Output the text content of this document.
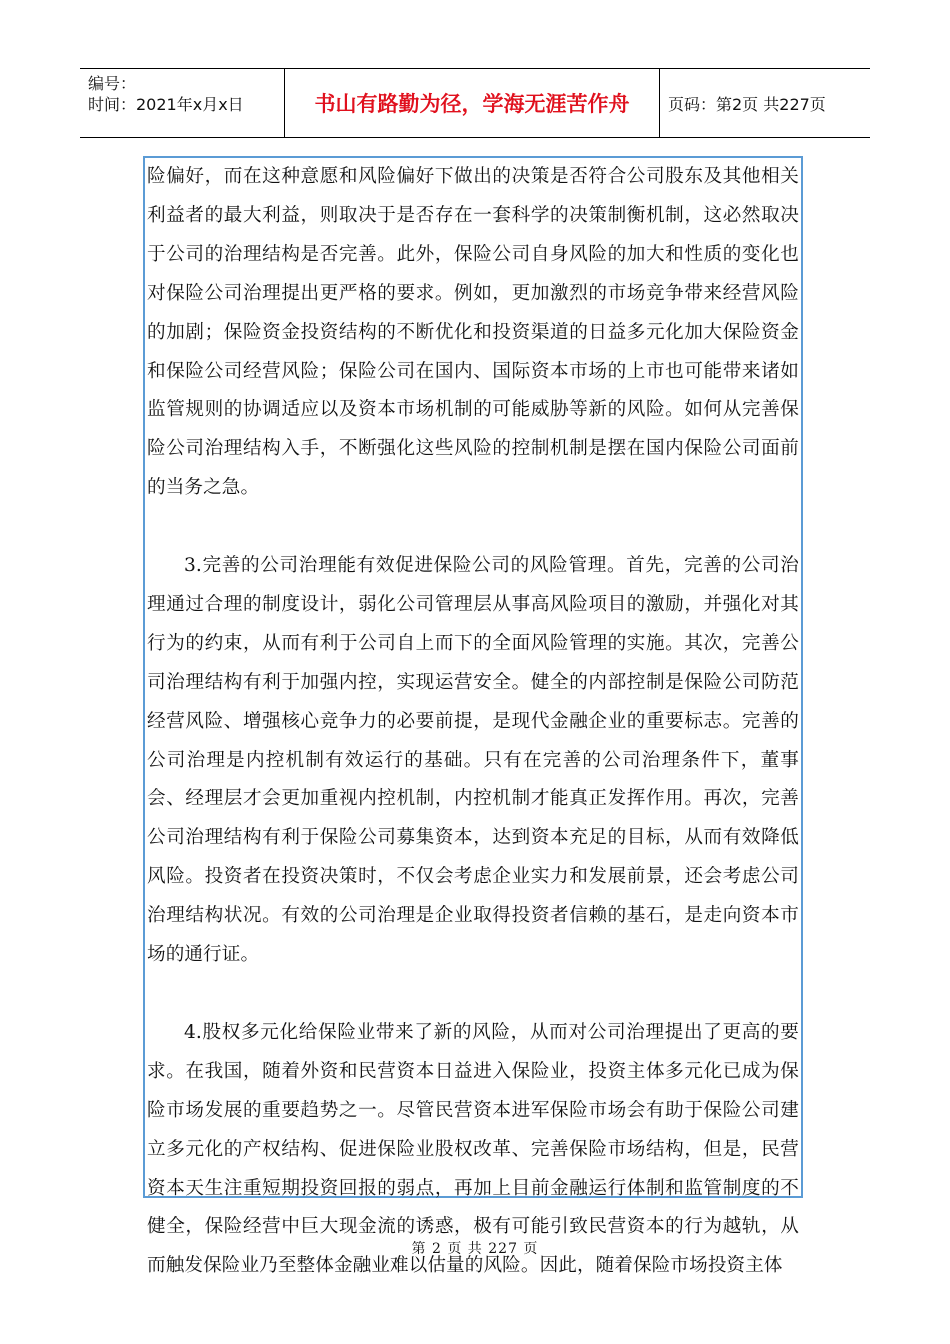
编号：
时间：2021年x月x日	书山有路勤为径，学海无涯苦作舟	页码：第2页 共227页

险偏好，而在这种意愿和风险偏好下做出的决策是否符合公司股东及其他相关利益者的最大利益，则取决于是否存在一套科学的决策制衡机制，这必然取决于公司的治理结构是否完善。此外，保险公司自身风险的加大和性质的变化也对保险公司治理提出更严格的要求。例如，更加激烈的市场竞争带来经营风险的加剧；保险资金投资结构的不断优化和投资渠道的日益多元化加大保险资金和保险公司经营风险；保险公司在国内、国际资本市场的上市也可能带来诸如监管规则的协调适应以及资本市场机制的可能威胁等新的风险。如何从完善保险公司治理结构入手，不断强化这些风险的控制机制是摆在国内保险公司面前的当务之急。

3.完善的公司治理能有效促进保险公司的风险管理。首先，完善的公司治理通过合理的制度设计，弱化公司管理层从事高风险项目的激励，并强化对其行为的约束，从而有利于公司自上而下的全面风险管理的实施。其次，完善公司治理结构有利于加强内控，实现运营安全。健全的内部控制是保险公司防范经营风险、增强核心竞争力的必要前提，是现代金融企业的重要标志。完善的公司治理是内控机制有效运行的基础。只有在完善的公司治理条件下，董事会、经理层才会更加重视内控机制，内控机制才能真正发挥作用。再次，完善公司治理结构有利于保险公司募集资本，达到资本充足的目标，从而有效降低风险。投资者在投资决策时，不仅会考虑企业实力和发展前景，还会考虑公司治理结构状况。有效的公司治理是企业取得投资者信赖的基石，是走向资本市场的通行证。

4.股权多元化给保险业带来了新的风险，从而对公司治理提出了更高的要求。在我国，随着外资和民营资本日益进入保险业，投资主体多元化已成为保险市场发展的重要趋势之一。尽管民营资本进军保险市场会有助于保险公司建立多元化的产权结构、促进保险业股权改革、完善保险市场结构，但是，民营资本天生注重短期投资回报的弱点，再加上目前金融运行体制和监管制度的不健全，保险经营中巨大现金流的诱惑，极有可能引致民营资本的行为越轨，从而触发保险业乃至整体金融业难以估量的风险。因此，随着保险市场投资主体

第 2 页 共 227 页
